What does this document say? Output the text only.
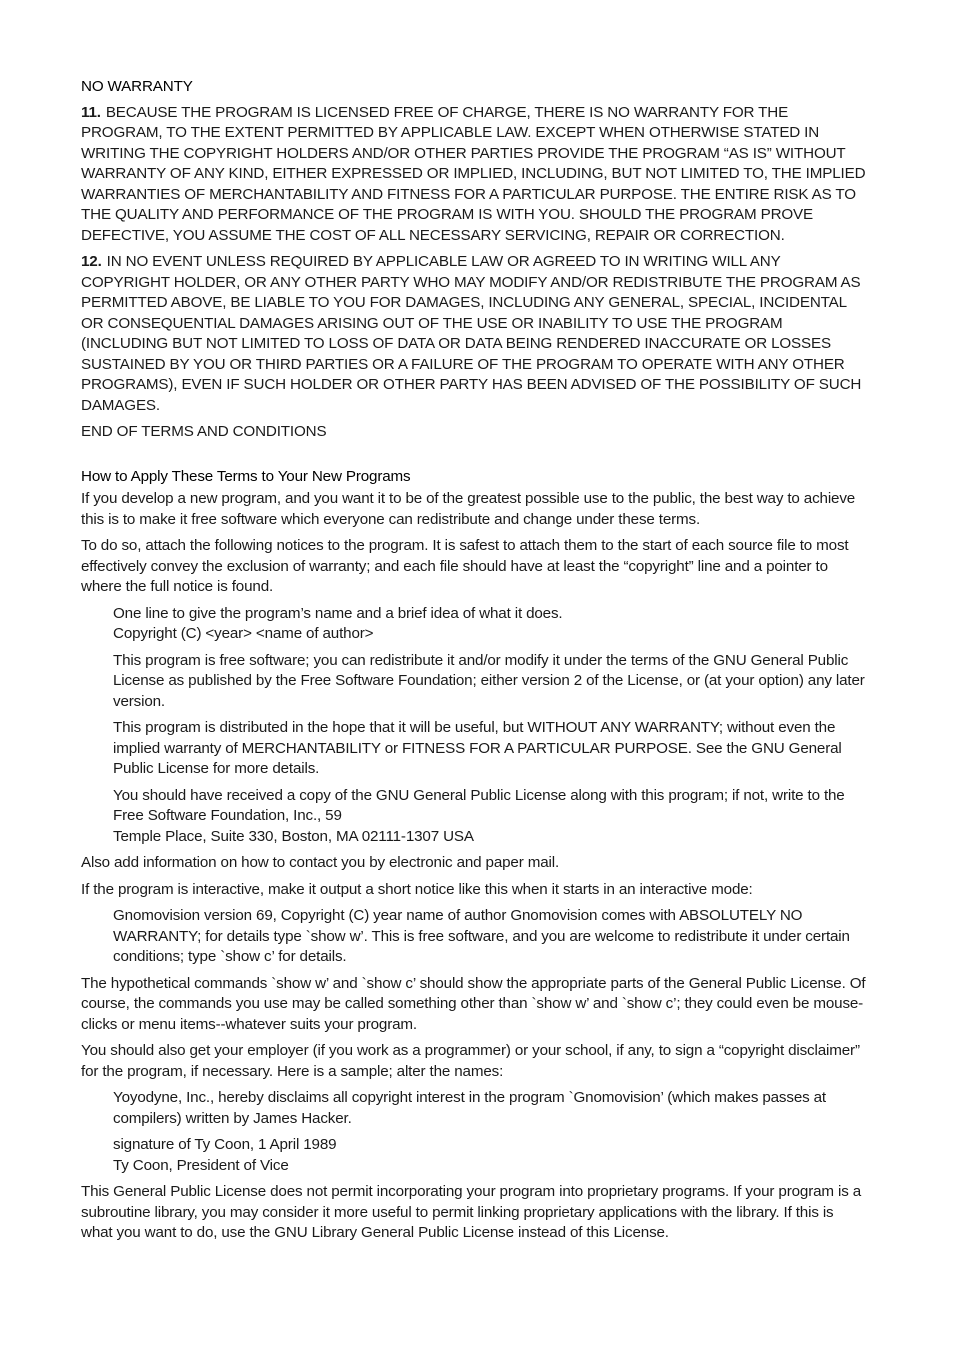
NO WARRANTY
11. BECAUSE THE PROGRAM IS LICENSED FREE OF CHARGE, THERE IS NO WARRANTY FOR THE PROGRAM, TO THE EXTENT PERMITTED BY APPLICABLE LAW. EXCEPT WHEN OTHERWISE STATED IN WRITING THE COPYRIGHT HOLDERS AND/OR OTHER PARTIES PROVIDE THE PROGRAM “AS IS” WITHOUT WARRANTY OF ANY KIND, EITHER EXPRESSED OR IMPLIED, INCLUDING, BUT NOT LIMITED TO, THE IMPLIED WARRANTIES OF MERCHANTABILITY AND FITNESS FOR A PARTICULAR PURPOSE. THE ENTIRE RISK AS TO THE QUALITY AND PERFORMANCE OF THE PROGRAM IS WITH YOU. SHOULD THE PROGRAM PROVE DEFECTIVE, YOU ASSUME THE COST OF ALL NECESSARY SERVICING, REPAIR OR CORRECTION.
12. IN NO EVENT UNLESS REQUIRED BY APPLICABLE LAW OR AGREED TO IN WRITING WILL ANY COPYRIGHT HOLDER, OR ANY OTHER PARTY WHO MAY MODIFY AND/OR REDISTRIBUTE THE PROGRAM AS PERMITTED ABOVE, BE LIABLE TO YOU FOR DAMAGES, INCLUDING ANY GENERAL, SPECIAL, INCIDENTAL OR CONSEQUENTIAL DAMAGES ARISING OUT OF THE USE OR INABILITY TO USE THE PROGRAM (INCLUDING BUT NOT LIMITED TO LOSS OF DATA OR DATA BEING RENDERED INACCURATE OR LOSSES SUSTAINED BY YOU OR THIRD PARTIES OR A FAILURE OF THE PROGRAM TO OPERATE WITH ANY OTHER PROGRAMS), EVEN IF SUCH HOLDER OR OTHER PARTY HAS BEEN ADVISED OF THE POSSIBILITY OF SUCH DAMAGES.
END OF TERMS AND CONDITIONS
How to Apply These Terms to Your New Programs
If you develop a new program, and you want it to be of the greatest possible use to the public, the best way to achieve this is to make it free software which everyone can redistribute and change under these terms.
To do so, attach the following notices to the program. It is safest to attach them to the start of each source file to most effectively convey the exclusion of warranty; and each file should have at least the “copyright” line and a pointer to where the full notice is found.
One line to give the program’s name and a brief idea of what it does.
Copyright (C) <year> <name of author>
This program is free software; you can redistribute it and/or modify it under the terms of the GNU General Public License as published by the Free Software Foundation; either version 2 of the License, or (at your option) any later version.
This program is distributed in the hope that it will be useful, but WITHOUT ANY WARRANTY; without even the implied warranty of MERCHANTABILITY or FITNESS FOR A PARTICULAR PURPOSE. See the GNU General Public License for more details.
You should have received a copy of the GNU General Public License along with this program; if not, write to the Free Software Foundation, Inc., 59
Temple Place, Suite 330, Boston, MA 02111-1307 USA
Also add information on how to contact you by electronic and paper mail.
If the program is interactive, make it output a short notice like this when it starts in an interactive mode:
Gnomovision version 69, Copyright (C) year name of author Gnomovision comes with ABSOLUTELY NO WARRANTY; for details type `show w’. This is free software, and you are welcome to redistribute it under certain conditions; type `show c’ for details.
The hypothetical commands `show w’ and `show c’ should show the appropriate parts of the General Public License. Of course, the commands you use may be called something other than `show w’ and `show c’; they could even be mouse-clicks or menu items--whatever suits your program.
You should also get your employer (if you work as a programmer) or your school, if any, to sign a “copyright disclaimer” for the program, if necessary. Here is a sample; alter the names:
Yoyodyne, Inc., hereby disclaims all copyright interest in the program `Gnomovision’ (which makes passes at compilers) written by James Hacker.
signature of Ty Coon, 1 April 1989
Ty Coon, President of Vice
This General Public License does not permit incorporating your program into proprietary programs. If your program is a subroutine library, you may consider it more useful to permit linking proprietary applications with the library. If this is what you want to do, use the GNU Library General Public License instead of this License.
